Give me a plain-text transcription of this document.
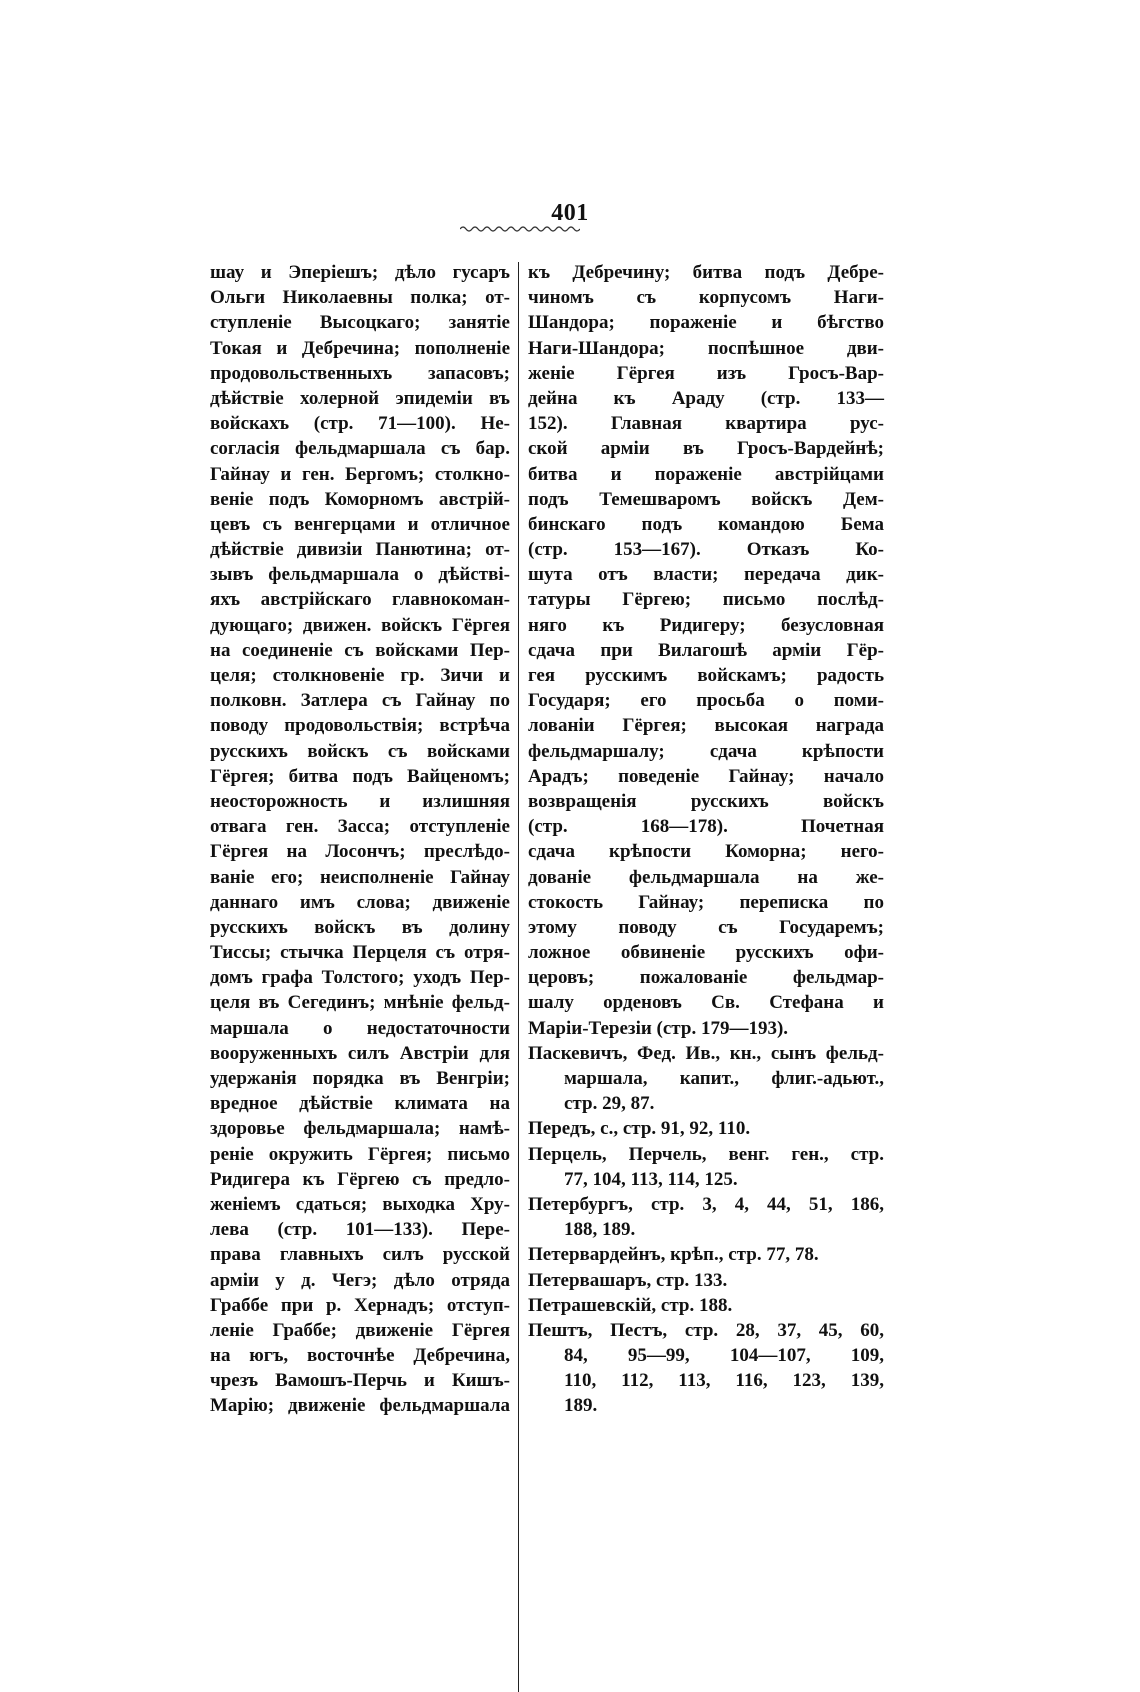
401
шау и Эперіешъ; дѣло гусаръ
Ольги Николаевны полка; от-
ступленіе Высоцкаго; занятіе
Токая и Дебречина; пополненіе
продовольственныхъ запасовъ;
дѣйствіе холерной эпидеміи въ
войскахъ (стр. 71—100). Не-
согласія фельдмаршала съ бар.
Гайнау и ген. Бергомъ; столкно-
веніе подъ Коморномъ австрій-
цевъ съ венгерцами и отличное
дѣйствіе дивизіи Панютина; от-
зывъ фельдмаршала о дѣйстві-
яхъ австрійскаго главнокоман-
дующаго; движен. войскъ Гёргея
на соединеніе съ войсками Пер-
целя; столкновеніе гр. Зичи и
полковн. Затлера съ Гайнау по
поводу продовольствія; встрѣча
русскихъ войскъ съ войсками
Гёргея; битва подъ Вайценомъ;
неосторожность и излишняя
отвага ген. Засса; отступленіе
Гёргея на Лосончъ; преслѣдо-
ваніе его; неисполненіе Гайнау
даннаго имъ слова; движеніе
русскихъ войскъ въ долину
Тиссы; стычка Перцеля съ отря-
домъ графа Толстого; уходъ Пер-
целя въ Сегединъ; мнѣніе фельд-
маршала о недостаточности
вооруженныхъ силъ Австріи для
удержанія порядка въ Венгріи;
вредное дѣйствіе климата на
здоровье фельдмаршала; намѣ-
реніе окружить Гёргея; письмо
Ридигера къ Гёргею съ предло-
женіемъ сдаться; выходка Хру-
лева (стр. 101—133). Пере-
права главныхъ силъ русской
арміи у д. Чегэ; дѣло отряда
Граббе при р. Хернадъ; отступ-
леніе Граббе; движеніе Гёргея
на югъ, восточнѣе Дебречина,
чрезъ Вамошъ-Перчь и Кишъ-
Марію; движеніе фельдмаршала
къ Дебречину; битва подъ Дебре-
чиномъ съ корпусомъ Наги-
Шандора; пораженіе и бѣгство
Наги-Шандора; поспѣшное дви-
женіе Гёргея изъ Гросъ-Вар-
дейна къ Араду (стр. 133—
152). Главная квартира рус-
ской арміи въ Гросъ-Вардейнѣ;
битва и пораженіе австрійцами
подъ Темешваромъ войскъ Дем-
бинскаго подъ командою Бема
(стр. 153—167). Отказъ Ко-
шута отъ власти; передача дик-
татуры Гёргею; письмо послѣд-
няго къ Ридигеру; безусловная
сдача при Вилагошѣ арміи Гёр-
гея русскимъ войскамъ; радость
Государя; его просьба о поми-
лованіи Гёргея; высокая награда
фельдмаршалу; сдача крѣпости
Арадъ; поведеніе Гайнау; начало
возвращенія русскихъ войскъ
(стр. 168—178). Почетная
сдача крѣпости Коморна; него-
дованіе фельдмаршала на же-
стокость Гайнау; переписка по
этому поводу съ Государемъ;
ложное обвиненіе русскихъ офи-
церовъ; пожалованіе фельдмар-
шалу орденовъ Св. Стефана и
Маріи-Терезіи (стр. 179—193).
Паскевичъ, Фед. Ив., кн., сынъ фельд-
маршала, капит., флиг.-адьют.,
стр. 29, 87.
Передъ, с., стр. 91, 92, 110.
Перцель, Перчель, венг. ген., стр.
77, 104, 113, 114, 125.
Петербургъ, стр. 3, 4, 44, 51, 186,
188, 189.
Петервардейнъ, крѣп., стр. 77, 78.
Петервашаръ, стр. 133.
Петрашевскій, стр. 188.
Пештъ, Пестъ, стр. 28, 37, 45, 60,
84, 95—99, 104—107, 109,
110, 112, 113, 116, 123, 139,
189.
